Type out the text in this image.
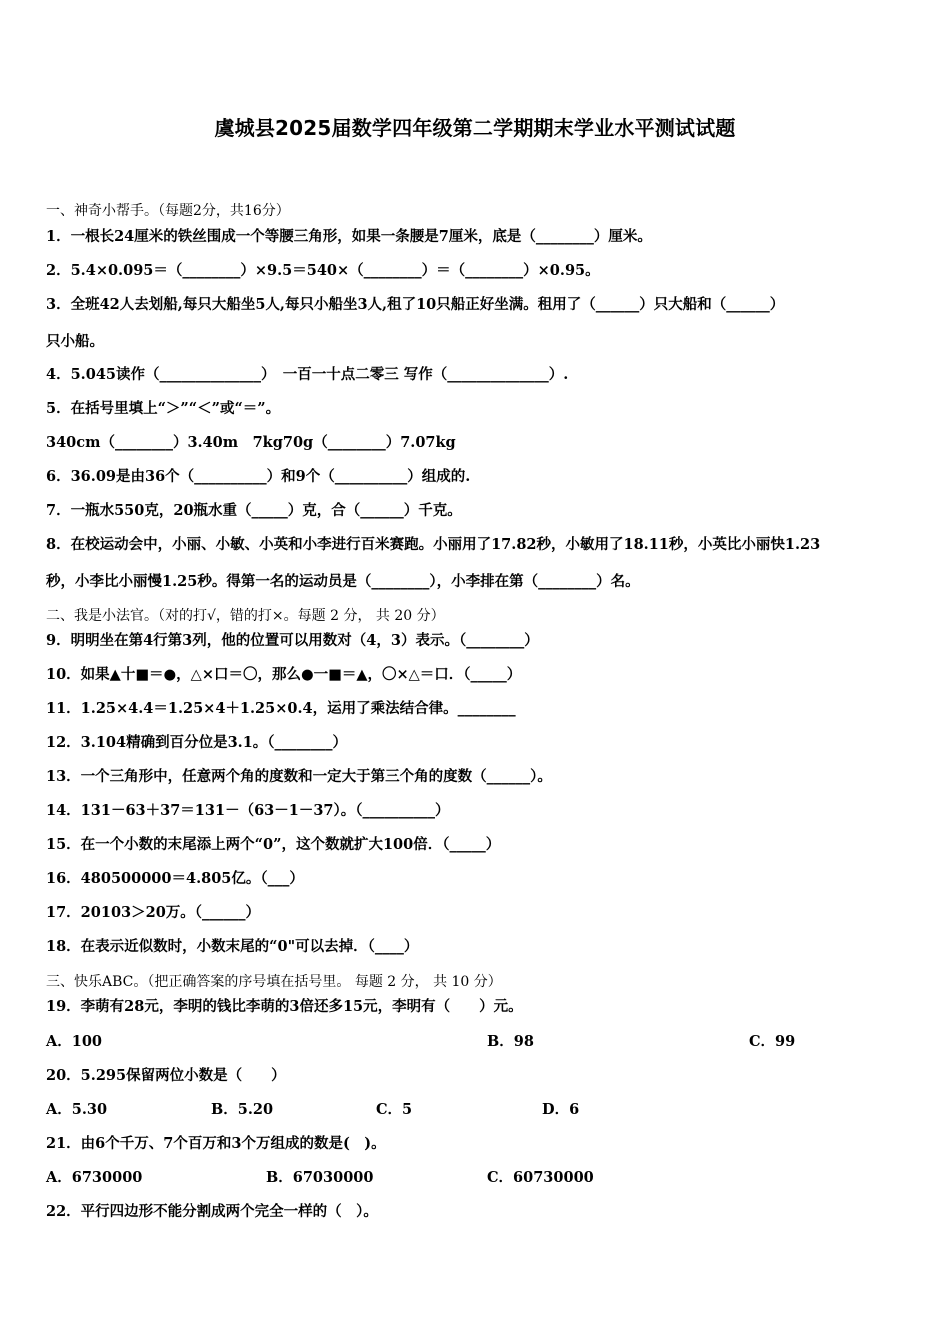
虞城县2025届数学四年级第二学期期末学业水平测试试题
一、神奇小帮手。（每题2分，共16分）
1．一根长24厘米的铁丝围成一个等腰三角形，如果一条腰是7厘米，底是（________）厘米。
2．5.4×0.095＝（________）×9.5＝540×（________）＝（________）×0.95。
3．全班42人去划船,每只大船坐5人,每只小船坐3人,租了10只船正好坐满。租用了（______）只大船和（______）
只小船。
4．5.045读作（______________）　一百一十点二零三 写作（______________）.
5．在括号里填上“＞”“＜”或“＝”。
340cm（________）3.40m　7kg70g（________）7.07kg
6．36.09是由36个（__________）和9个（__________）组成的.
7．一瓶水550克，20瓶水重（_____）克，合（______）千克。
8．在校运动会中，小丽、小敏、小英和小李进行百米赛跑。小丽用了17.82秒，小敏用了18.11秒，小英比小丽快1.23
秒，小李比小丽慢1.25秒。得第一名的运动员是（________），小李排在第（________）名。
二、我是小法官。（对的打√，错的打×。每题 2 分， 共 20 分）
9．明明坐在第4行第3列，他的位置可以用数对（4，3）表示。（________）
10．如果▲十■＝●，△×口＝〇，那么●一■＝▲，〇×△＝口．（_____）
11．1.25×4.4＝1.25×4＋1.25×0.4，运用了乘法结合律。________
12．3.104精确到百分位是3.1。（________）
13．一个三角形中，任意两个角的度数和一定大于第三个角的度数（______）。
14．131－63＋37＝131－（63－1－37）。（__________）
15．在一个小数的末尾添上两个“0”，这个数就扩大100倍．（_____）
16．480500000＝4.805亿。（___）
17．20103＞20万。（______）
18．在表示近似数时，小数末尾的“0"可以去掉．（____）
三、快乐ABC。（把正确答案的序号填在括号里。 每题 2 分， 共 10 分）
19．李萌有28元，李明的钱比李萌的3倍还多15元，李明有（　　）元。
A．100	B．98	C．99
20．5.295保留两位小数是（　　）
A．5.30	B．5.20	C．5	D．6
21．由6个千万、7个百万和3个万组成的数是(　)。
A．6730000	B．67030000	C．60730000
22．平行四边形不能分割成两个完全一样的（　）。
